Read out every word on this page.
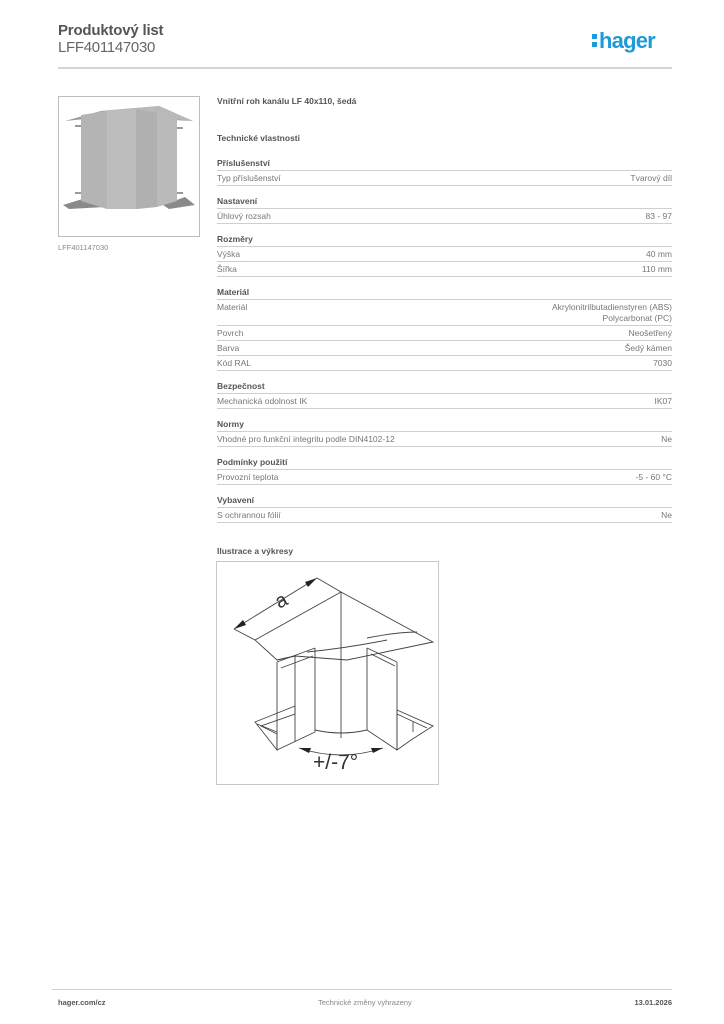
Produktový list
LFF401147030	hager
LFF401147030
Vnitřní roh kanálu LF 40x110, šedá
Technické vlastnosti
Příslušenství
Typ příslušenství	Tvarový díl
Nastavení
Úhlový rozsah	83 - 97
Rozměry
Výška	40 mm
Šířka	110 mm
Materiál
Materiál	Akrylonitrilbutadienstyren (ABS)
Polycarbonat (PC)
Povrch	Neošetřený
Barva	Šedý kámen
Kód RAL	7030
Bezpečnost
Mechanická odolnost IK	IK07
Normy
Vhodné pro funkční integritu podle DIN4102-12	Ne
Podmínky použití
Provozní teplota	-5 - 60 °C
Vybavení
S ochrannou fólií	Ne
Ilustrace a výkresy
a
+/-7°
hager.com/cz	Technické změny vyhrazeny	13.01.2026
